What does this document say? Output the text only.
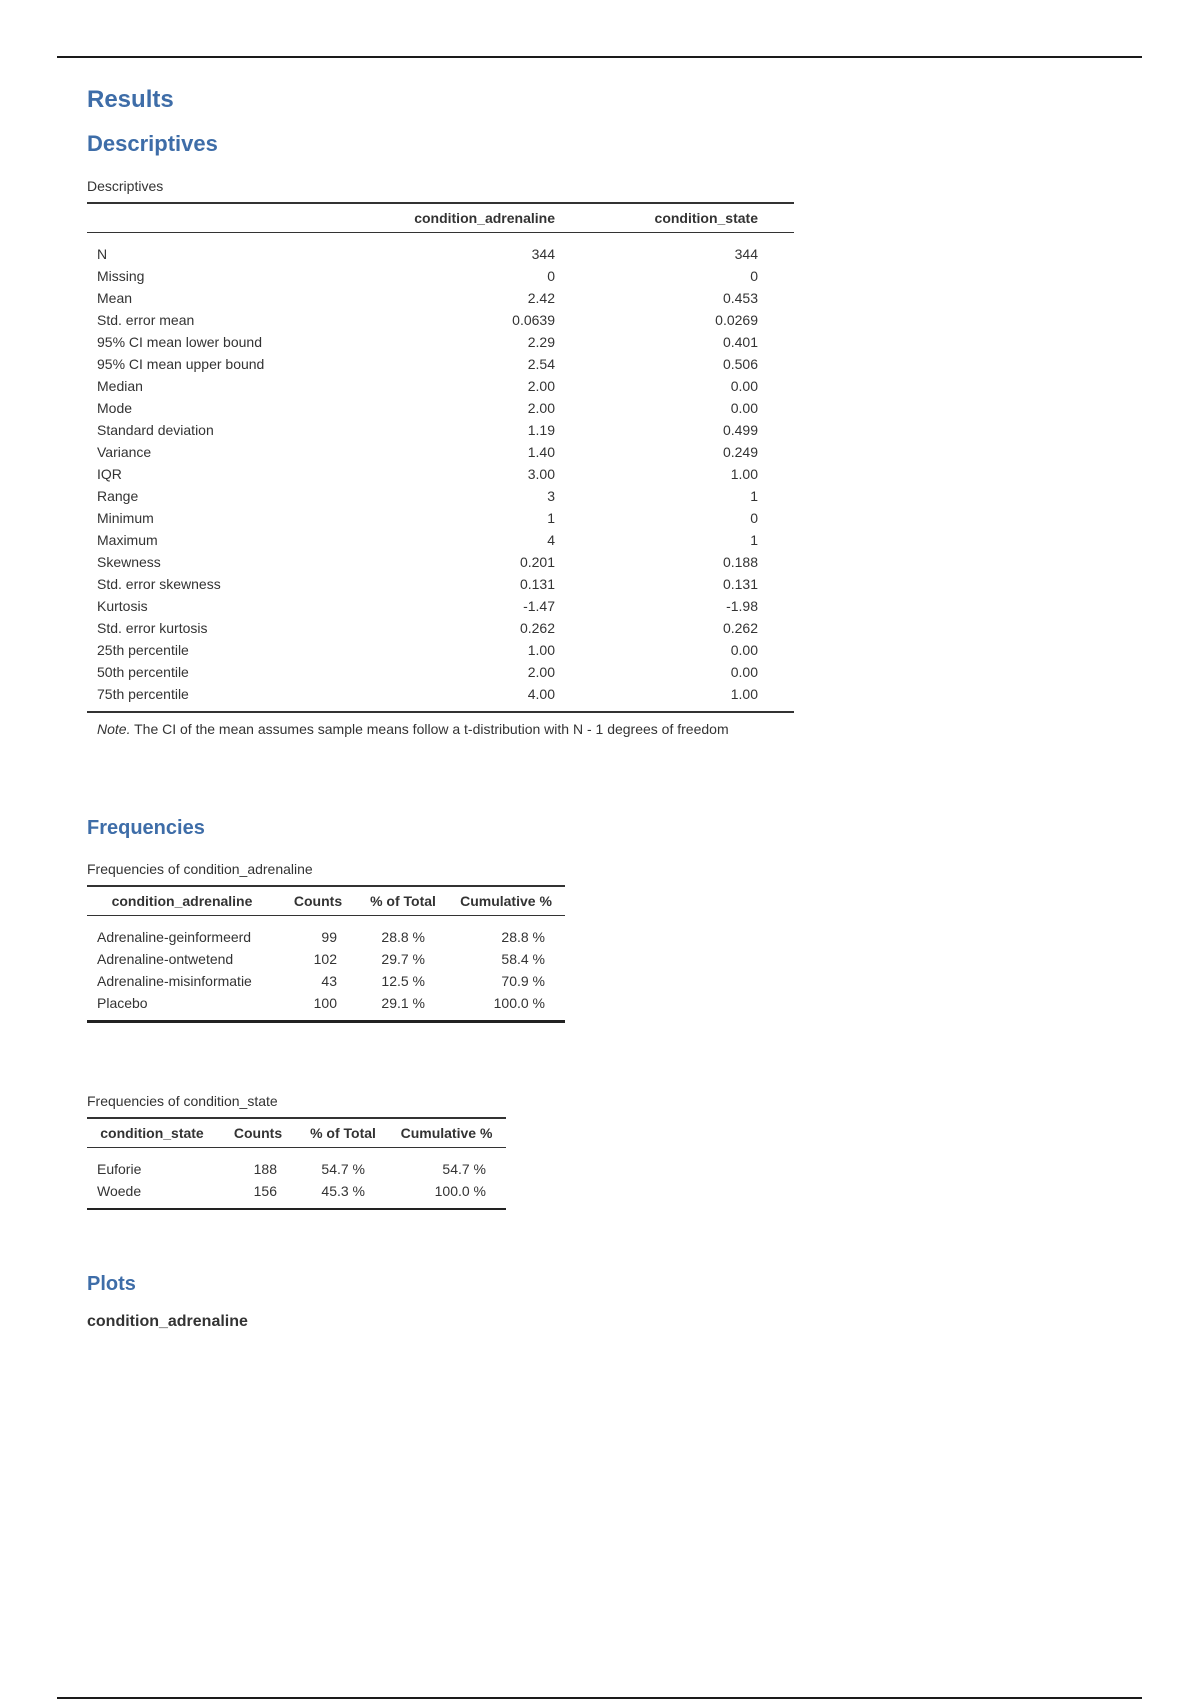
Results
Descriptives
Descriptives
	condition_adrenaline	condition_state
N	344	344
Missing	0	0
Mean	2.42	0.453
Std. error mean	0.0639	0.0269
95% CI mean lower bound	2.29	0.401
95% CI mean upper bound	2.54	0.506
Median	2.00	0.00
Mode	2.00	0.00
Standard deviation	1.19	0.499
Variance	1.40	0.249
IQR	3.00	1.00
Range	3	1
Minimum	1	0
Maximum	4	1
Skewness	0.201	0.188
Std. error skewness	0.131	0.131
Kurtosis	-1.47	-1.98
Std. error kurtosis	0.262	0.262
25th percentile	1.00	0.00
50th percentile	2.00	0.00
75th percentile	4.00	1.00
Note. The CI of the mean assumes sample means follow a t-distribution with N - 1 degrees of freedom		
Frequencies
Frequencies of condition_adrenaline
condition_adrenaline	Counts	% of Total	Cumulative %
Adrenaline-geinformeerd	99	28.8 %	28.8 %
Adrenaline-ontwetend	102	29.7 %	58.4 %
Adrenaline-misinformatie	43	12.5 %	70.9 %
Placebo	100	29.1 %	100.0 %
Frequencies of condition_state
condition_state	Counts	% of Total	Cumulative %
Euforie	188	54.7 %	54.7 %
Woede	156	45.3 %	100.0 %
Plots
condition_adrenaline
